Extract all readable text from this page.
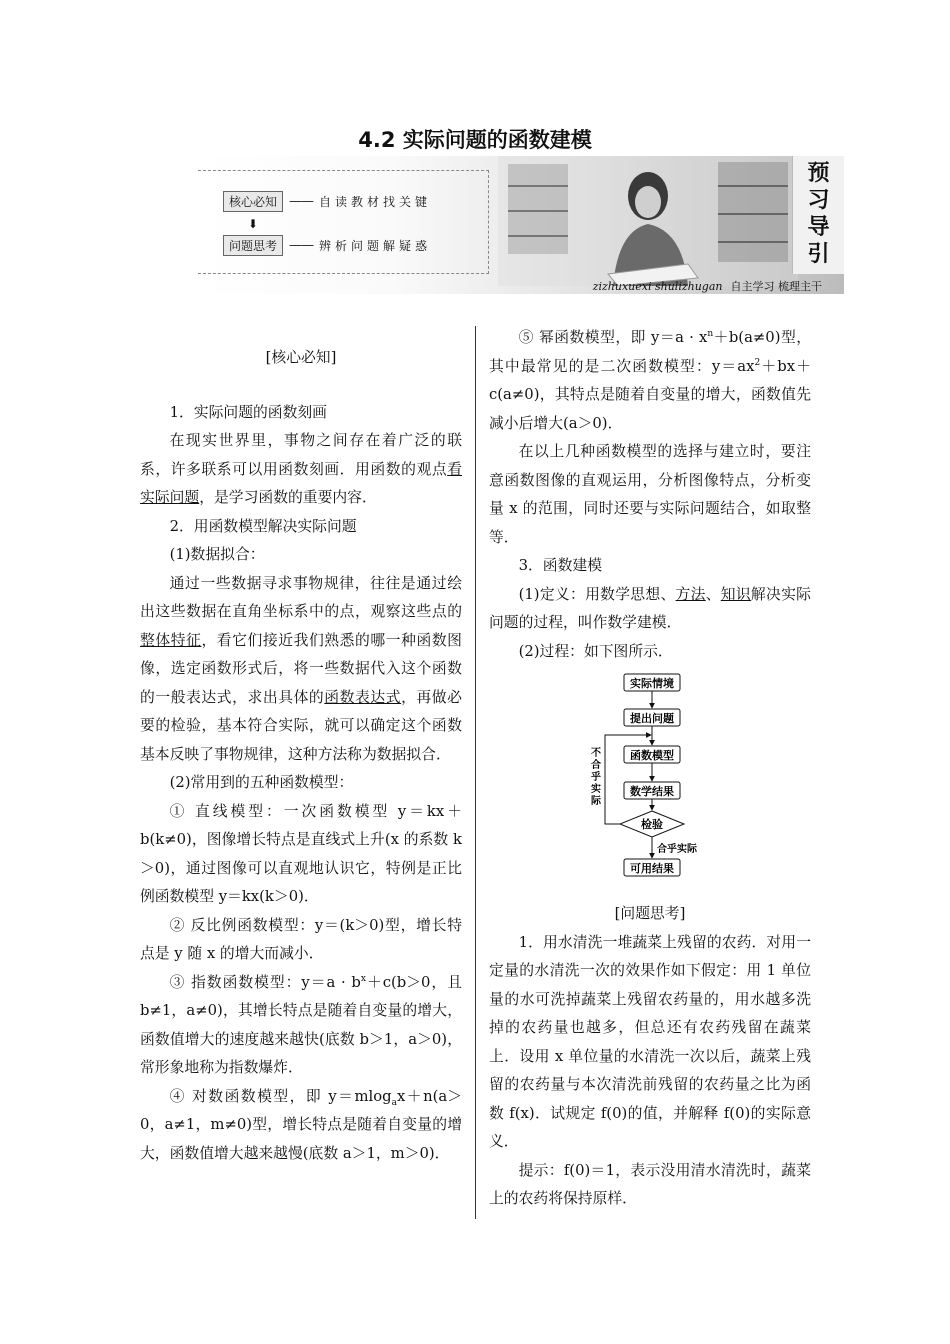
4.2 实际问题的函数建模
核心必知 —— 自读教材找关键
⬇
问题思考 —— 辨析问题解疑惑
预
习
导
引
zizhuxuexi shulizhugan 自主学习 梳理主干

[核心必知]

1．实际问题的函数刻画

在现实世界里，事物之间存在着广泛的联系，许多联系可以用函数刻画．用函数的观点看实际问题，是学习函数的重要内容．

2．用函数模型解决实际问题

(1)数据拟合：

通过一些数据寻求事物规律，往往是通过绘出这些数据在直角坐标系中的点，观察这些点的整体特征，看它们接近我们熟悉的哪一种函数图像，选定函数形式后，将一些数据代入这个函数的一般表达式，求出具体的函数表达式，再做必要的检验，基本符合实际，就可以确定这个函数基本反映了事物规律，这种方法称为数据拟合．

(2)常用到的五种函数模型：

① 直线模型：一次函数模型 y＝kx＋b(k≠0)，图像增长特点是直线式上升(x 的系数 k＞0)，通过图像可以直观地认识它，特例是正比例函数模型 y＝kx(k＞0)．

② 反比例函数模型：y＝(k＞0)型，增长特点是 y 随 x 的增大而减小．

③ 指数函数模型：$y=a \cdot b^x+c(b>0$，且 b≠1，a≠0)，其增长特点是随着自变量的增大，函数值增大的速度越来越快(底数 b＞1，a＞0)，常形象地称为指数爆炸．

④ 对数函数模型，即 y＝mlog$_a$x＋n(a＞0，a≠1，m≠0)型，增长特点是随着自变量的增大，函数值增大越来越慢(底数 a＞1，m＞0)．

⑤ 幂函数模型，即 $y=a \cdot x^n+b(a\ne 0)$型，其中最常见的是二次函数模型：$y=ax^2+bx+c(a\ne 0)$，其特点是随着自变量的增大，函数值先减小后增大(a＞0)．

在以上几种函数模型的选择与建立时，要注意函数图像的直观运用，分析图像特点，分析变量 x 的范围，同时还要与实际问题结合，如取整等．

3．函数建模

(1)定义：用数学思想、方法、知识解决实际问题的过程，叫作数学建模．

(2)过程：如下图所示．

实际情境
提出问题
函数模型
数学结果
检验
合乎实际
可用结果
不
合
乎
实
际

[问题思考]

1．用水清洗一堆蔬菜上残留的农药．对用一定量的水清洗一次的效果作如下假定：用 1 单位量的水可洗掉蔬菜上残留农药量的，用水越多洗掉的农药量也越多，但总还有农药残留在蔬菜上．设用 x 单位量的水清洗一次以后，蔬菜上残留的农药量与本次清洗前残留的农药量之比为函数 f(x)．试规定 f(0)的值，并解释 f(0)的实际意义．

提示：f(0)＝1，表示没用清水清洗时，蔬菜上的农药将保持原样．
